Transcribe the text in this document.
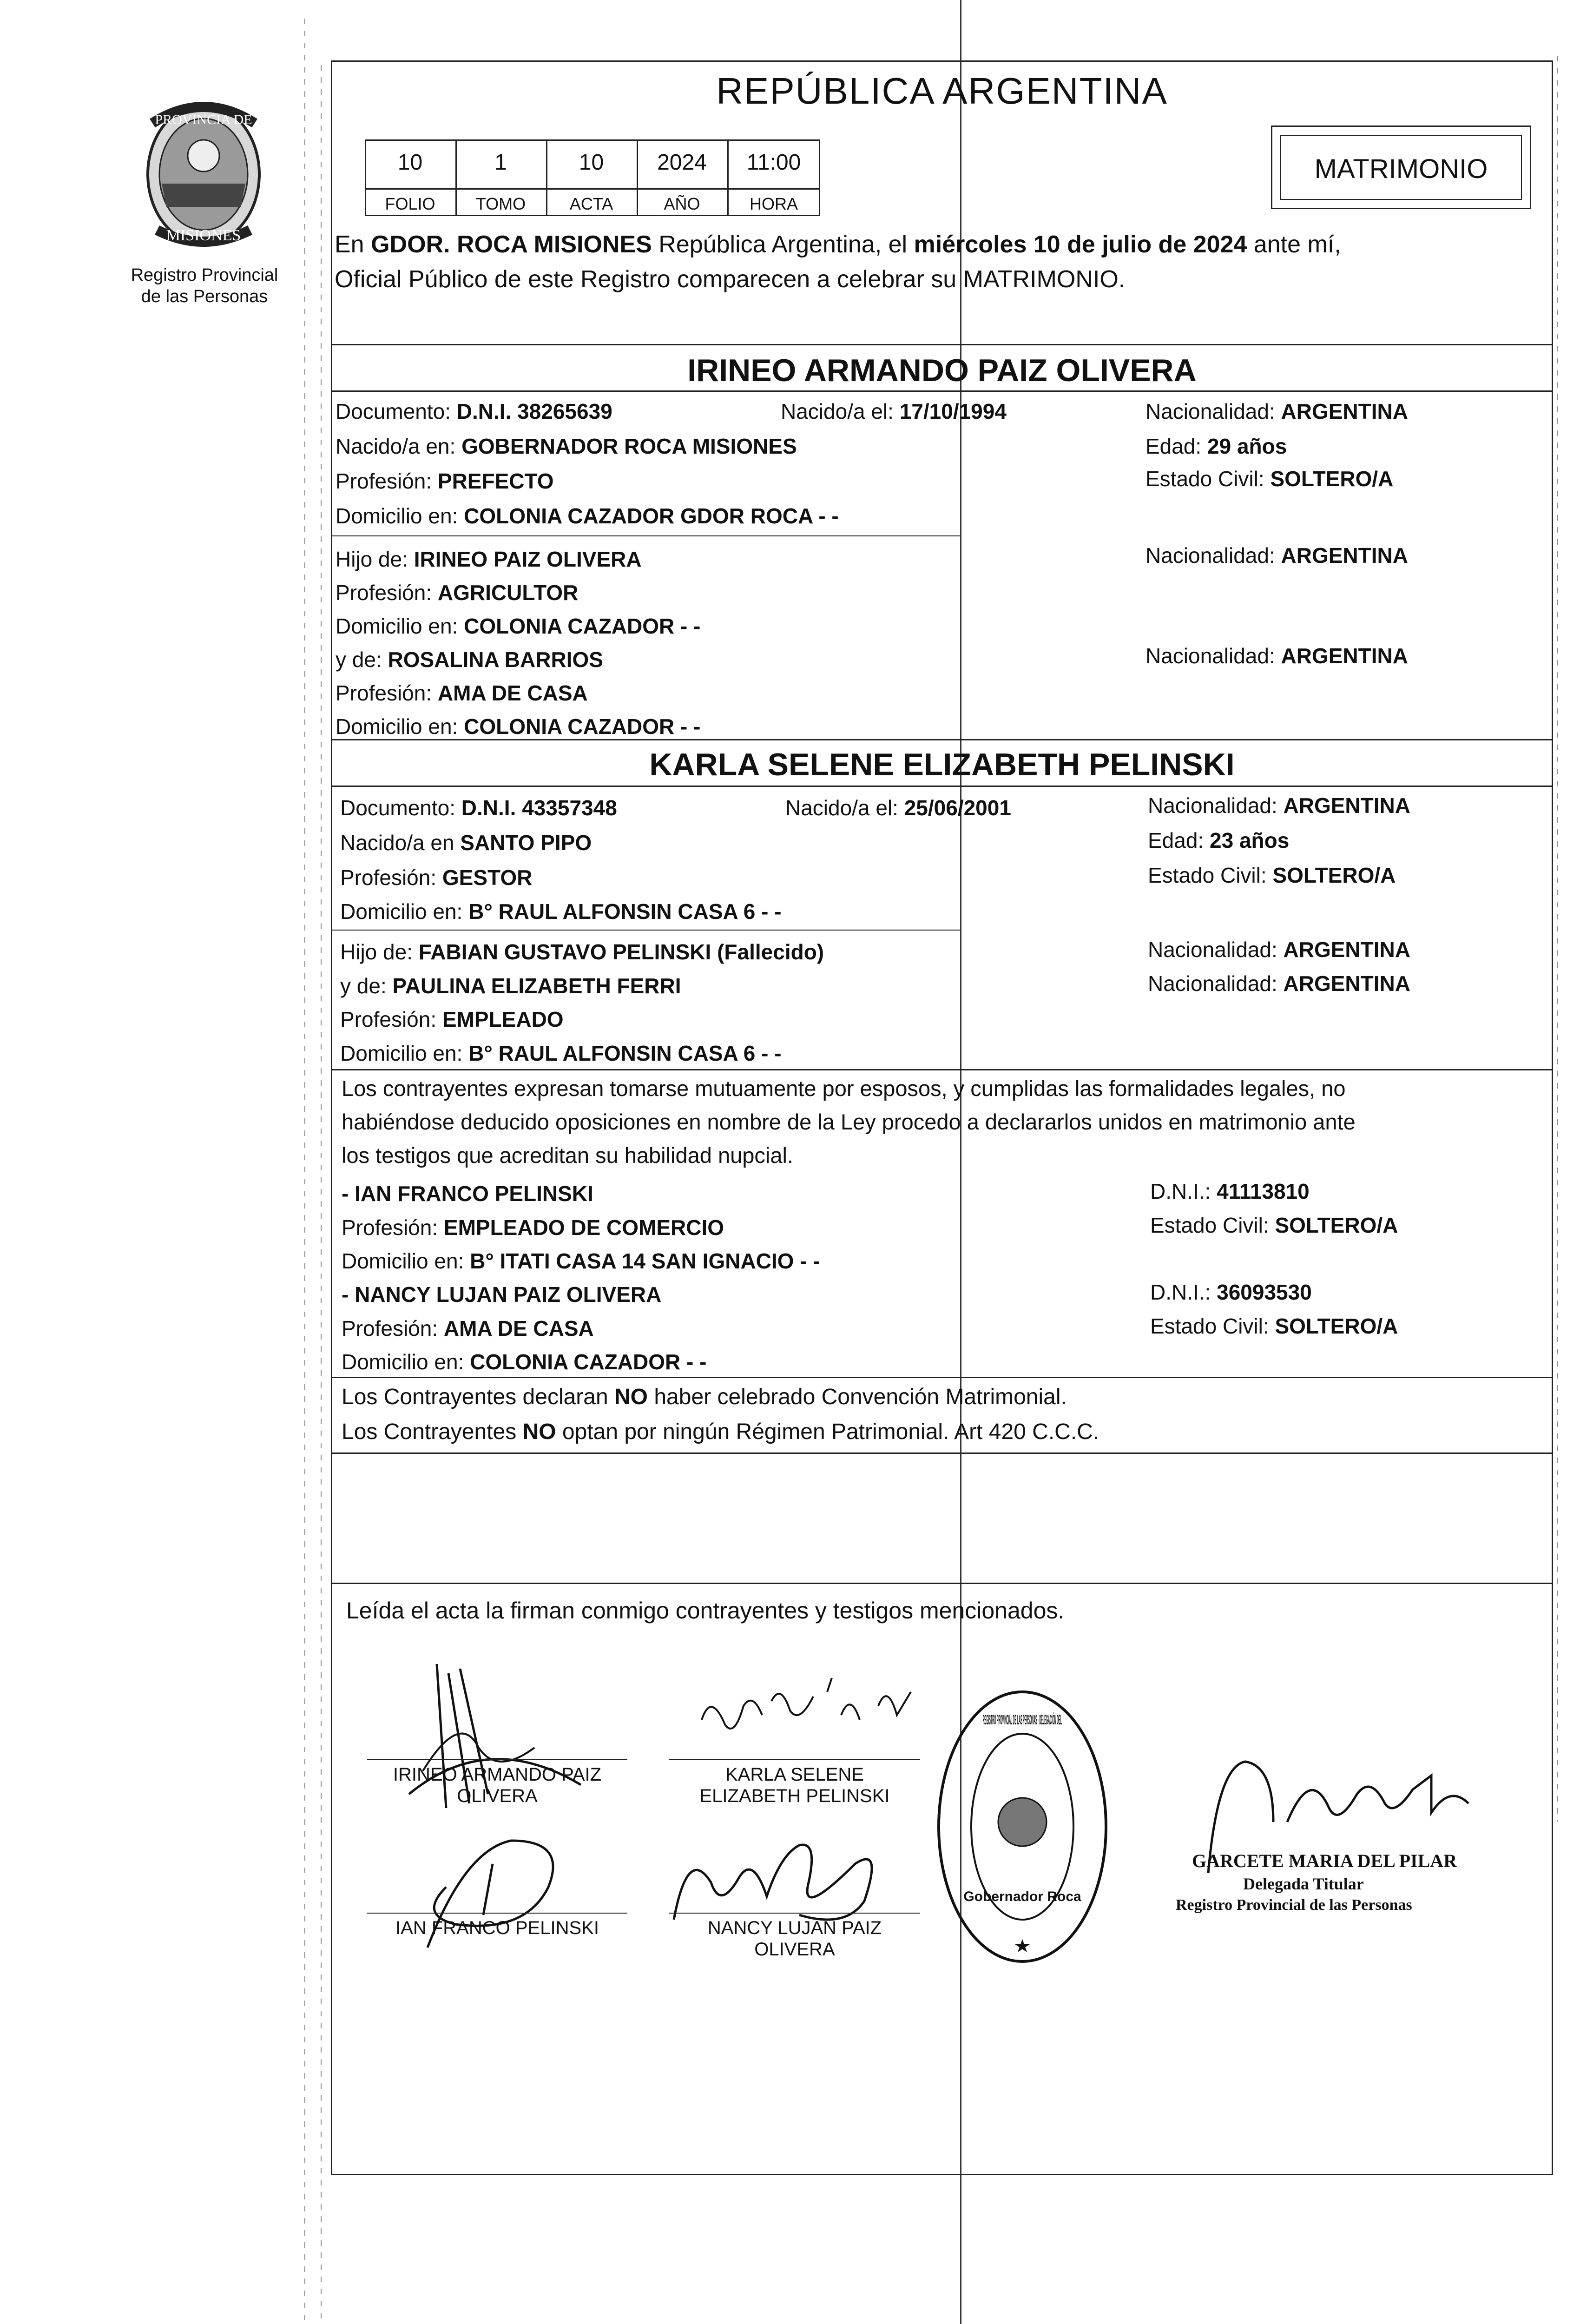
PROVINCIA DE
MISIONES
Registro Provincial
de las Personas
REPÚBLICA ARGENTINA
10	1	10	2024	11:00
FOLIO	TOMO	ACTA	AÑO	HORA
MATRIMONIO
En GDOR. ROCA MISIONES República Argentina, el miércoles 10 de julio de 2024 ante mí,
Oficial Público de este Registro comparecen a celebrar su MATRIMONIO.
IRINEO ARMANDO PAIZ OLIVERA
Documento: D.N.I. 38265639	Nacido/a el: 17/10/1994	Nacionalidad: ARGENTINA
Nacido/a en: GOBERNADOR ROCA MISIONES	Edad: 29 años
Profesión: PREFECTO	Estado Civil: SOLTERO/A
Domicilio en: COLONIA CAZADOR GDOR ROCA - -
Hijo de: IRINEO PAIZ OLIVERA	Nacionalidad: ARGENTINA
Profesión: AGRICULTOR
Domicilio en: COLONIA CAZADOR - -
y de: ROSALINA BARRIOS	Nacionalidad: ARGENTINA
Profesión: AMA DE CASA
Domicilio en: COLONIA CAZADOR - -
KARLA SELENE ELIZABETH PELINSKI
Documento: D.N.I. 43357348	Nacido/a el: 25/06/2001	Nacionalidad: ARGENTINA
Nacido/a en SANTO PIPO	Edad: 23 años
Profesión: GESTOR	Estado Civil: SOLTERO/A
Domicilio en: B° RAUL ALFONSIN CASA 6 - -
Hijo de: FABIAN GUSTAVO PELINSKI (Fallecido)	Nacionalidad: ARGENTINA
y de: PAULINA ELIZABETH FERRI	Nacionalidad: ARGENTINA
Profesión: EMPLEADO
Domicilio en: B° RAUL ALFONSIN CASA 6 - -
Los contrayentes expresan tomarse mutuamente por esposos, y cumplidas las formalidades legales, no
habiéndose deducido oposiciones en nombre de la Ley procedo a declararlos unidos en matrimonio ante
los testigos que acreditan su habilidad nupcial.
- IAN FRANCO PELINSKI	D.N.I.: 41113810
Profesión: EMPLEADO DE COMERCIO	Estado Civil: SOLTERO/A
Domicilio en: B° ITATI CASA 14 SAN IGNACIO - -
- NANCY LUJAN PAIZ OLIVERA	D.N.I.: 36093530
Profesión: AMA DE CASA	Estado Civil: SOLTERO/A
Domicilio en: COLONIA CAZADOR - -
Los Contrayentes declaran NO haber celebrado Convención Matrimonial.
Los Contrayentes NO optan por ningún Régimen Patrimonial. Art 420 C.C.C.
Leída el acta la firman conmigo contrayentes y testigos mencionados.
IRINEO ARMANDO PAIZ
OLIVERA
KARLA SELENE
ELIZABETH PELINSKI
IAN FRANCO PELINSKI	NANCY LUJAN PAIZ
OLIVERA
REGISTRO PROVINCIAL DE LAS PERSONAS · DELEGACIÓN DEL
Gobernador Roca
GARCETE MARIA DEL PILAR
Delegada Titular
Registro Provincial de las Personas
